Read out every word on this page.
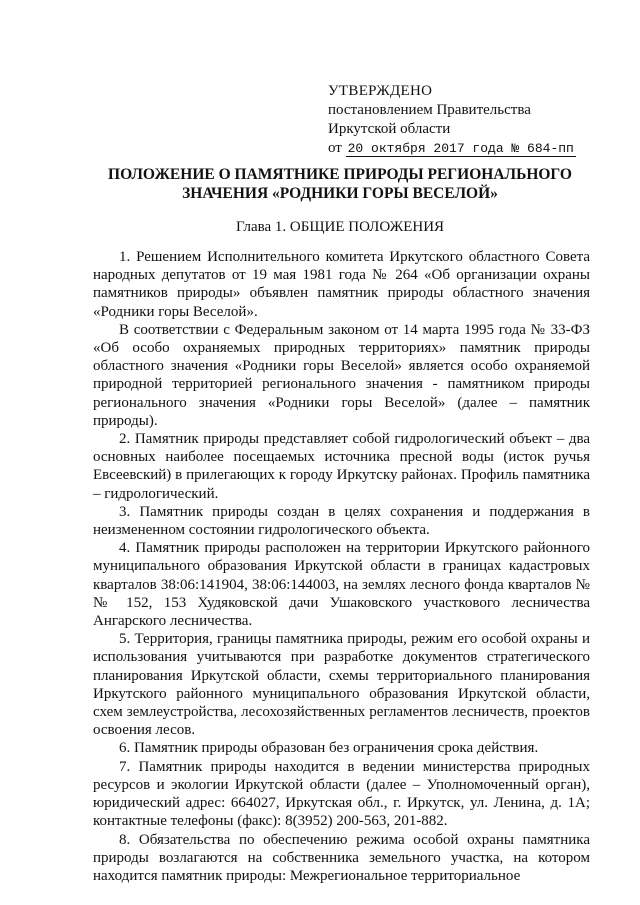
УТВЕРЖДЕНО
постановлением Правительства
Иркутской области
от 20 октября 2017 года № 684-пп
ПОЛОЖЕНИЕ О ПАМЯТНИКЕ ПРИРОДЫ РЕГИОНАЛЬНОГО
ЗНАЧЕНИЯ «РОДНИКИ ГОРЫ ВЕСЕЛОЙ»
Глава 1. ОБЩИЕ ПОЛОЖЕНИЯ

1. Решением Исполнительного комитета Иркутского областного Совета народных депутатов от 19 мая 1981 года № 264 «Об организации охраны памятников природы» объявлен памятник природы областного значения «Родники горы Веселой».

В соответствии с Федеральным законом от 14 марта 1995 года № 33-ФЗ «Об особо охраняемых природных территориях» памятник природы областного значения «Родники горы Веселой» является особо охраняемой природной территорией регионального значения - памятником природы регионального значения «Родники горы Веселой» (далее – памятник природы).

2. Памятник природы представляет собой гидрологический объект – два основных наиболее посещаемых источника пресной воды (исток ручья Евсеевский) в прилегающих к городу Иркутску районах. Профиль памятника – гидрологический.

3. Памятник природы создан в целях сохранения и поддержания в неизмененном состоянии гидрологического объекта.

4. Памятник природы расположен на территории Иркутского районного муниципального образования Иркутской области в границах кадастровых кварталов 38:06:141904, 38:06:144003, на землях лесного фонда кварталов №№ 152, 153 Худяковской дачи Ушаковского участкового лесничества Ангарского лесничества.

5. Территория, границы памятника природы, режим его особой охраны и использования учитываются при разработке документов стратегического планирования Иркутской области, схемы территориального планирования Иркутского районного муниципального образования Иркутской области, схем землеустройства, лесохозяйственных регламентов лесничеств, проектов освоения лесов.

6. Памятник природы образован без ограничения срока действия.

7. Памятник природы находится в ведении министерства природных ресурсов и экологии Иркутской области (далее – Уполномоченный орган), юридический адрес: 664027, Иркутская обл., г. Иркутск, ул. Ленина, д. 1А; контактные телефоны (факс): 8(3952) 200-563, 201-882.

8. Обязательства по обеспечению режима особой охраны памятника природы возлагаются на собственника земельного участка, на котором находится памятник природы: Межрегиональное территориальное
